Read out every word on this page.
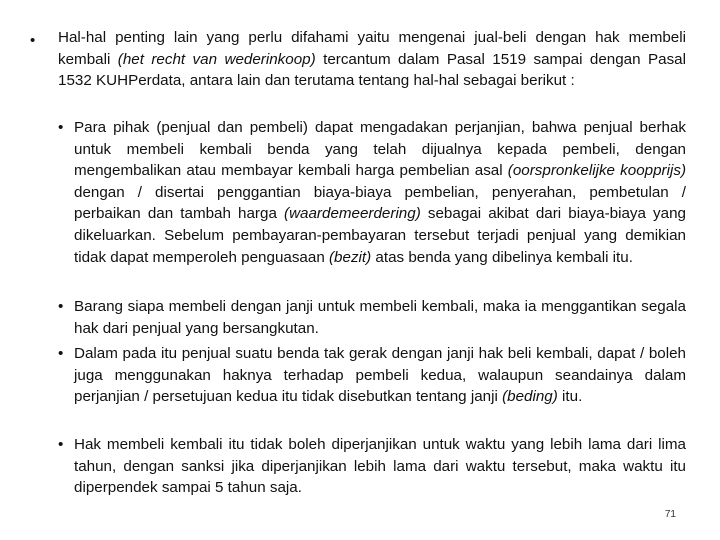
• Hal-hal penting lain yang perlu difahami yaitu mengenai jual-beli dengan hak membeli kembali (het recht van wederinkoop) tercantum dalam Pasal 1519 sampai dengan Pasal 1532 KUHPerdata, antara lain dan terutama tentang hal-hal sebagai berikut :

• Para pihak (penjual dan pembeli) dapat mengadakan perjanjian, bahwa penjual berhak untuk membeli kembali benda yang telah dijualnya kepada pembeli, dengan mengembalikan atau membayar kembali harga pembelian asal (oorspronkelijke koopprijs) dengan / disertai penggantian biaya-biaya pembelian, penyerahan, pembetulan / perbaikan dan tambah harga (waardemeerdering) sebagai akibat dari biaya-biaya yang dikeluarkan. Sebelum pembayaran-pembayaran tersebut terjadi penjual yang demikian tidak dapat memperoleh penguasaan (bezit) atas benda yang dibelinya kembali itu.
• Barang siapa membeli dengan janji untuk membeli kembali, maka ia menggantikan segala hak dari penjual yang bersangkutan.
• Dalam pada itu penjual suatu benda tak gerak dengan janji hak beli kembali, dapat / boleh juga menggunakan haknya terhadap pembeli kedua, walaupun seandainya dalam perjanjian / persetujuan kedua itu tidak disebutkan tentang janji (beding) itu.
• Hak membeli kembali itu tidak boleh diperjanjikan untuk waktu yang lebih lama dari lima tahun, dengan sanksi jika diperjanjikan lebih lama dari waktu tersebut, maka waktu itu diperpendek sampai 5 tahun saja.
71
